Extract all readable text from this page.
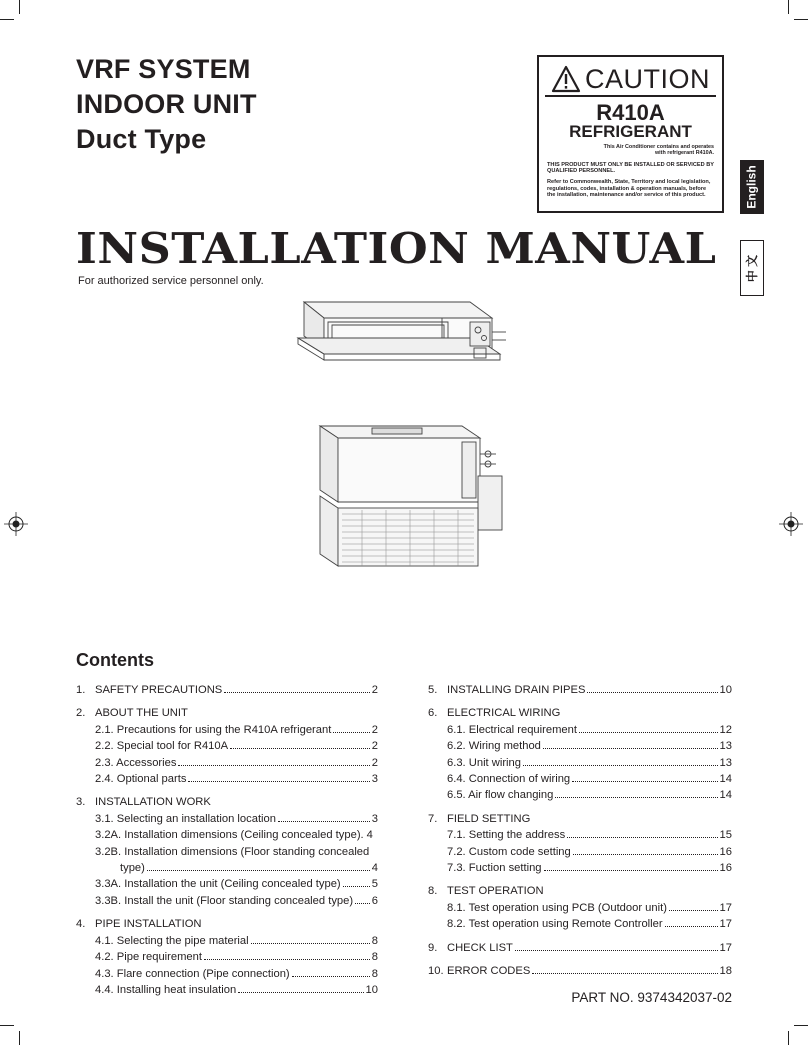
VRF SYSTEM
INDOOR UNIT
Duct Type
CAUTION
R410A
REFRIGERANT
This Air Conditioner contains and operates
with refrigerant R410A.
THIS PRODUCT MUST ONLY BE INSTALLED OR SERVICED BY QUALIFIED PERSONNEL.
Refer to Commonwealth, State, Territory and local legislation, regulations, codes, installation & operation manuals, before the installation, maintenance and/or service of this product.	English
中 文
INSTALLATION MANUAL
For authorized service personnel only.
Contents
1. SAFETY PRECAUTIONS	2
2. ABOUT THE UNIT
2.1. Precautions for using the R410A refrigerant	2
2.2. Special tool for R410A	2
2.3. Accessories	2
2.4. Optional parts	3
3. INSTALLATION WORK
3.1. Selecting an installation location	3
3.2A. Installation dimensions (Ceiling concealed type). 4
3.2B. Installation dimensions (Floor standing concealed
type)	4
3.3A. Installation the unit (Ceiling concealed type)	5
3.3B. Install the unit (Floor standing concealed type) 6
4. PIPE INSTALLATION
4.1. Selecting the pipe material	8
4.2. Pipe requirement	8
4.3. Flare connection (Pipe connection)	8
4.4. Installing heat insulation	10
5. INSTALLING DRAIN PIPES	10
6. ELECTRICAL WIRING
6.1. Electrical requirement	12
6.2. Wiring method	13
6.3. Unit wiring	13
6.4. Connection of wiring	14
6.5. Air flow changing	14
7. FIELD SETTING
7.1. Setting the address	15
7.2. Custom code setting	16
7.3. Fuction setting	16
8. TEST OPERATION
8.1. Test operation using PCB (Outdoor unit)	17
8.2. Test operation using Remote Controller	17
9. CHECK LIST	17
10. ERROR CODES	18
PART NO. 9374342037-02
